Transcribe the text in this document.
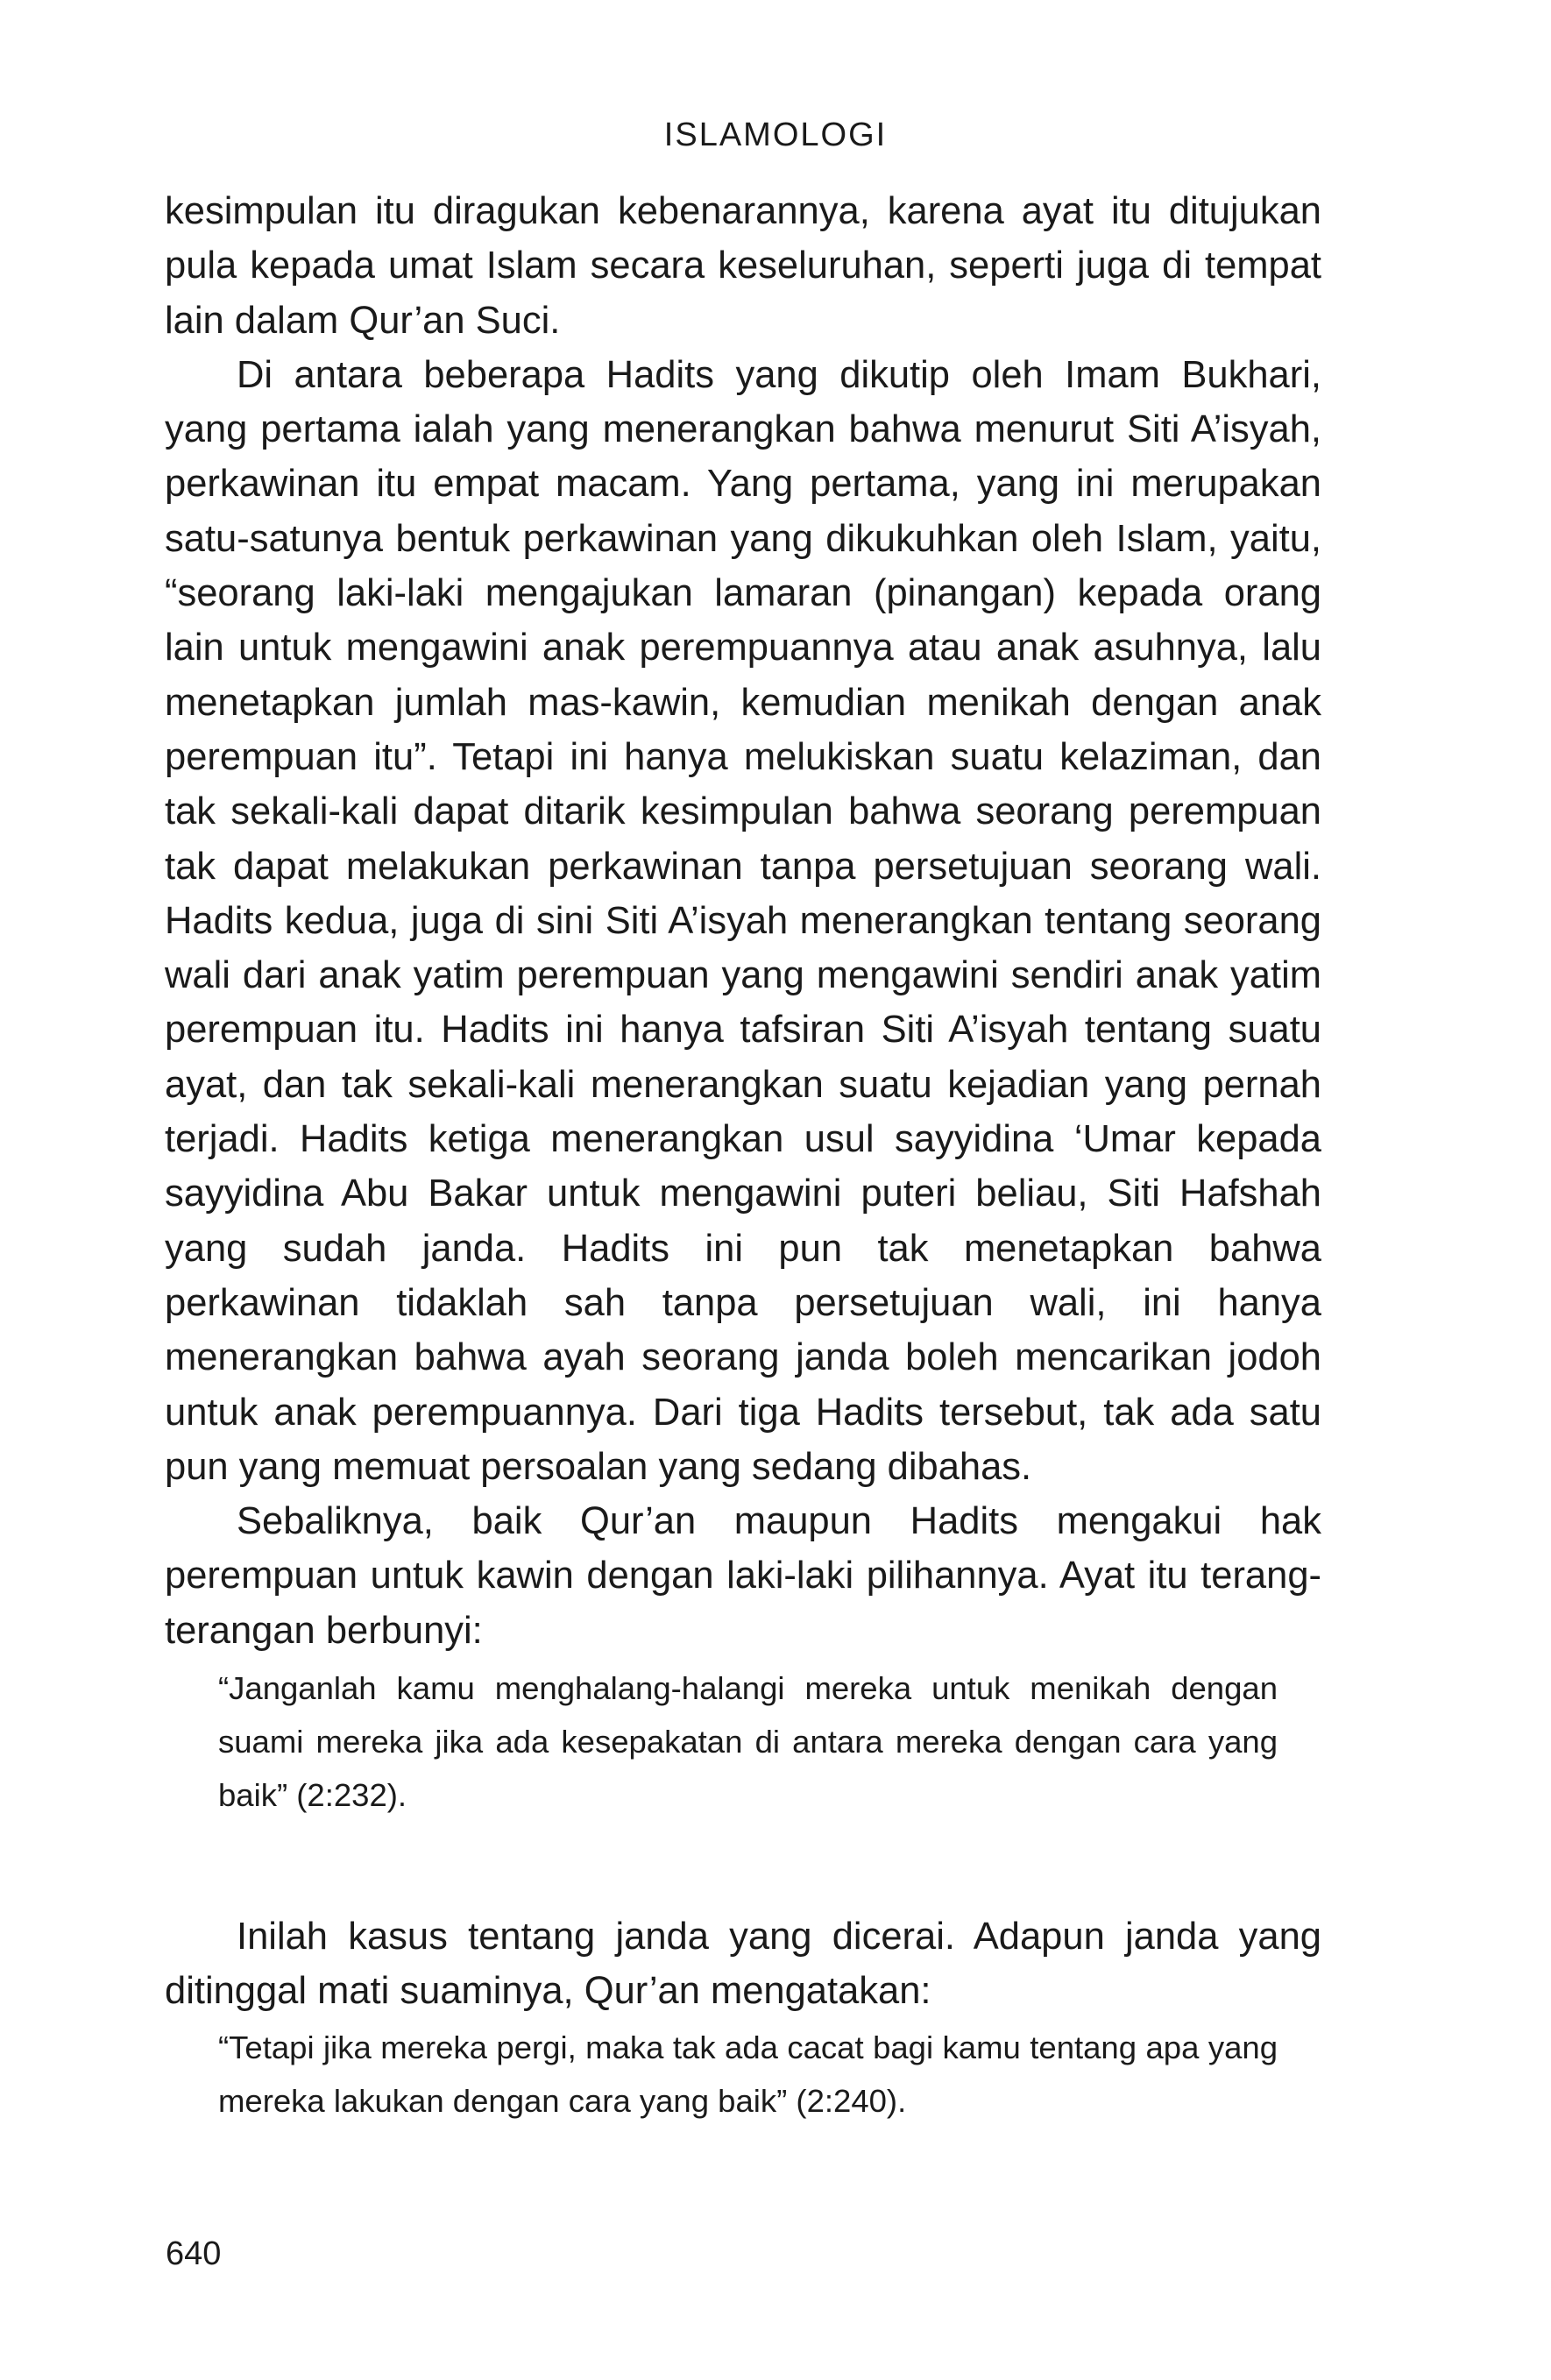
ISLAMOLOGI

kesimpulan itu diragukan kebenarannya, karena ayat itu ditujukan pula kepada umat Islam secara keseluruhan, seperti juga di tempat lain dalam Qur’an Suci.

Di antara beberapa Hadits yang dikutip oleh Imam Bukhari, yang pertama ialah yang menerangkan bahwa menurut Siti A’isyah, perkawinan itu empat macam. Yang pertama, yang ini merupakan satu-satunya bentuk perkawinan yang dikukuhkan oleh Islam, yaitu, “seorang laki-laki mengajukan lamaran (pinangan) kepada orang lain untuk mengawini anak perempuannya atau anak asuhnya, lalu menetapkan jumlah mas-kawin, kemudian menikah dengan anak perempuan itu”. Tetapi ini hanya melukiskan suatu kelaziman, dan tak sekali-kali dapat ditarik kesimpulan bahwa seorang perempuan tak dapat melakukan perkawinan tanpa persetujuan seorang wali. Hadits kedua, juga di sini Siti A’isyah menerangkan tentang seorang wali dari anak yatim perempuan yang mengawini sendiri anak yatim perempuan itu. Hadits ini hanya tafsiran Siti A’isyah tentang suatu ayat, dan tak sekali-kali menerangkan suatu kejadian yang pernah terjadi. Hadits ketiga menerangkan usul sayyidina ‘Umar kepada sayyidina Abu Bakar untuk mengawini puteri beliau, Siti Hafshah yang sudah janda. Hadits ini pun tak menetapkan bahwa perkawinan tidaklah sah tanpa persetujuan wali, ini hanya menerangkan bahwa ayah seorang janda boleh mencarikan jodoh untuk anak perempuannya. Dari tiga Hadits tersebut, tak ada satu pun yang memuat persoalan yang sedang dibahas.

Sebaliknya, baik Qur’an maupun Hadits mengakui hak perempuan untuk kawin dengan laki-laki pilihannya. Ayat itu terang-terangan berbunyi:

“Janganlah kamu menghalang-halangi mereka untuk menikah dengan suami mereka jika ada kesepakatan di antara mereka dengan cara yang baik” (2:232).

Inilah kasus tentang janda yang dicerai. Adapun janda yang ditinggal mati suaminya, Qur’an mengatakan:

“Tetapi jika mereka pergi, maka tak ada cacat bagi kamu tentang apa yang mereka lakukan dengan cara yang baik” (2:240).

640
